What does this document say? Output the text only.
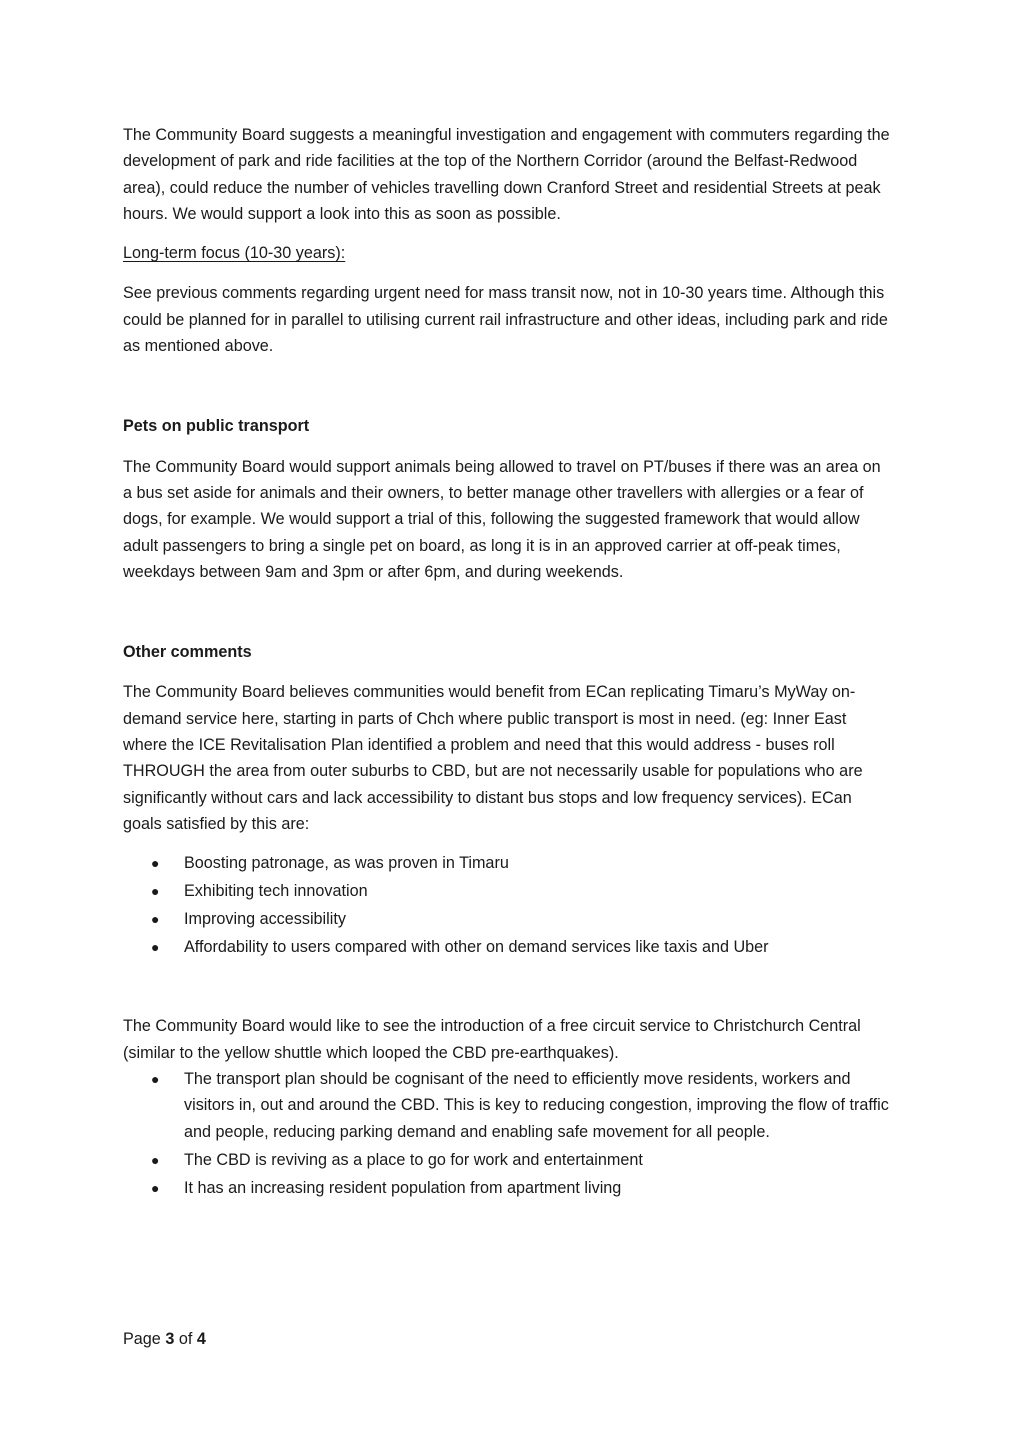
The Community Board suggests a meaningful investigation and engagement with commuters regarding the development of park and ride facilities at the top of the Northern Corridor (around the Belfast-Redwood area), could reduce the number of vehicles travelling down Cranford Street and residential Streets at peak hours. We would support a look into this as soon as possible.

Long-term focus (10-30 years):

See previous comments regarding urgent need for mass transit now, not in 10-30 years time. Although this could be planned for in parallel to utilising current rail infrastructure and other ideas, including park and ride as mentioned above.

Pets on public transport

The Community Board would support animals being allowed to travel on PT/buses if there was an area on a bus set aside for animals and their owners, to better manage other travellers with allergies or a fear of dogs, for example. We would support a trial of this, following the suggested framework that would allow adult passengers to bring a single pet on board, as long it is in an approved carrier at off-peak times, weekdays between 9am and 3pm or after 6pm, and during weekends.

Other comments

The Community Board believes communities would benefit from ECan replicating Timaru’s MyWay on-demand service here, starting in parts of Chch where public transport is most in need. (eg: Inner East where the ICE Revitalisation Plan identified a problem and need that this would address - buses roll THROUGH the area from outer suburbs to CBD, but are not necessarily usable for populations who are significantly without cars and lack accessibility to distant bus stops and low frequency services). ECan goals satisfied by this are:

● Boosting patronage, as was proven in Timaru
● Exhibiting tech innovation
● Improving accessibility
● Affordability to users compared with other on demand services like taxis and Uber

The Community Board would like to see the introduction of a free circuit service to Christchurch Central (similar to the yellow shuttle which looped the CBD pre-earthquakes).

● The transport plan should be cognisant of the need to efficiently move residents, workers and visitors in, out and around the CBD. This is key to reducing congestion, improving the flow of traffic and people, reducing parking demand and enabling safe movement for all people.
● The CBD is reviving as a place to go for work and entertainment
● It has an increasing resident population from apartment living
Page 3 of 4
